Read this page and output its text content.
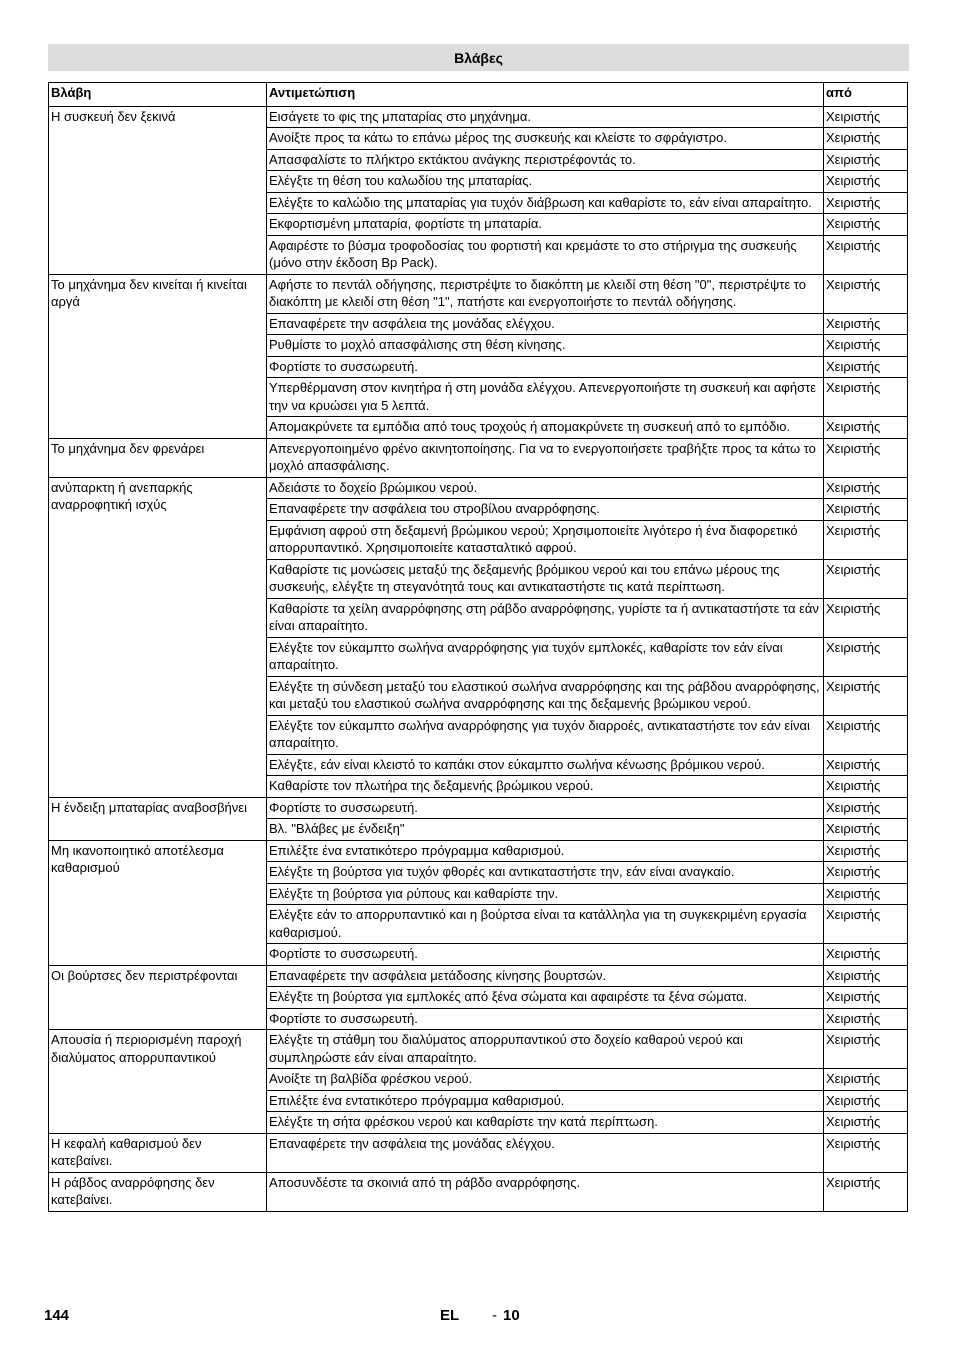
Βλάβες
Βλάβη	Αντιμετώπιση	από

Η συσκευή δεν ξεκινά	Εισάγετε το φις της μπαταρίας στο μηχάνημα.	Χειριστής
	Ανοίξτε προς τα κάτω το επάνω μέρος της συσκευής και κλείστε το σφράγιστρο.	Χειριστής
	Απασφαλίστε το πλήκτρο εκτάκτου ανάγκης περιστρέφοντάς το.	Χειριστής
	Ελέγξτε τη θέση του καλωδίου της μπαταρίας.	Χειριστής
	Ελέγξτε το καλώδιο της μπαταρίας για τυχόν διάβρωση και καθαρίστε το, εάν είναι απαραίτητο.	Χειριστής
	Εκφορτισμένη μπαταρία, φορτίστε τη μπαταρία.	Χειριστής
	Αφαιρέστε το βύσμα τροφοδοσίας του φορτιστή και κρεμάστε το στο στήριγμα της συσκευής (μόνο στην έκδοση Bp Pack).	Χειριστής
Το μηχάνημα δεν κινείται ή κινείται αργά	Αφήστε το πεντάλ οδήγησης, περιστρέψτε το διακόπτη με κλειδί στη θέση "0", περιστρέψτε το διακόπτη με κλειδί στη θέση "1", πατήστε και ενεργοποιήστε το πεντάλ οδήγησης.	Χειριστής
	Επαναφέρετε την ασφάλεια της μονάδας ελέγχου.	Χειριστής
	Ρυθμίστε το μοχλό απασφάλισης στη θέση κίνησης.	Χειριστής
	Φορτίστε το συσσωρευτή.	Χειριστής
	Υπερθέρμανση στον κινητήρα ή στη μονάδα ελέγχου. Απενεργοποιήστε τη συσκευή και αφήστε την να κρυώσει για 5 λεπτά.	Χειριστής
	Απομακρύνετε τα εμπόδια από τους τροχούς ή απομακρύνετε τη συσκευή από το εμπόδιο.	Χειριστής
Το μηχάνημα δεν φρενάρει	Απενεργοποιημένο φρένο ακινητοποίησης. Για να το ενεργοποιήσετε τραβήξτε προς τα κάτω το μοχλό απασφάλισης.	Χειριστής
ανύπαρκτη ή ανεπαρκής αναρροφητική ισχύς	Αδειάστε το δοχείο βρώμικου νερού.	Χειριστής
	Επαναφέρετε την ασφάλεια του στροβίλου αναρρόφησης.	Χειριστής
	Εμφάνιση αφρού στη δεξαμενή βρώμικου νερού; Χρησιμοποιείτε λιγότερο ή ένα διαφορετικό απορρυπαντικό. Χρησιμοποιείτε κατασταλτικό αφρού.	Χειριστής
	Καθαρίστε τις μονώσεις μεταξύ της δεξαμενής βρόμικου νερού και του επάνω μέρους της συσκευής, ελέγξτε τη στεγανότητά τους και αντικαταστήστε τις κατά περίπτωση.	Χειριστής
	Καθαρίστε τα χείλη αναρρόφησης στη ράβδο αναρρόφησης, γυρίστε τα ή αντικαταστήστε τα εάν είναι απαραίτητο.	Χειριστής
	Ελέγξτε τον εύκαμπτο σωλήνα αναρρόφησης για τυχόν εμπλοκές, καθαρίστε τον εάν είναι απαραίτητο.	Χειριστής
	Ελέγξτε τη σύνδεση μεταξύ του ελαστικού σωλήνα αναρρόφησης και της ράβδου αναρρόφησης, και μεταξύ του ελαστικού σωλήνα αναρρόφησης και της δεξαμενής βρώμικου νερού.	Χειριστής
	Ελέγξτε τον εύκαμπτο σωλήνα αναρρόφησης για τυχόν διαρροές, αντικαταστήστε τον εάν είναι απαραίτητο.	Χειριστής
	Ελέγξτε, εάν είναι κλειστό το καπάκι στον εύκαμπτο σωλήνα κένωσης βρόμικου νερού.	Χειριστής
	Καθαρίστε τον πλωτήρα της δεξαμενής βρώμικου νερού.	Χειριστής
Η ένδειξη μπαταρίας αναβοσβήνει	Φορτίστε το συσσωρευτή.	Χειριστής
	Βλ. "Βλάβες με ένδειξη"	Χειριστής
Μη ικανοποιητικό αποτέλεσμα καθαρισμού	Επιλέξτε ένα εντατικότερο πρόγραμμα καθαρισμού.	Χειριστής
	Ελέγξτε τη βούρτσα για τυχόν φθορές και αντικαταστήστε την, εάν είναι αναγκαίο.	Χειριστής
	Ελέγξτε τη βούρτσα για ρύπους και καθαρίστε την.	Χειριστής
	Ελέγξτε εάν το απορρυπαντικό και η βούρτσα είναι τα κατάλληλα για τη συγκεκριμένη εργασία καθαρισμού.	Χειριστής
	Φορτίστε το συσσωρευτή.	Χειριστής
Οι βούρτσες δεν περιστρέφονται	Επαναφέρετε την ασφάλεια μετάδοσης κίνησης βουρτσών.	Χειριστής
	Ελέγξτε τη βούρτσα για εμπλοκές από ξένα σώματα και αφαιρέστε τα ξένα σώματα.	Χειριστής
	Φορτίστε το συσσωρευτή.	Χειριστής
Απουσία ή περιορισμένη παροχή διαλύματος απορρυπαντικού	Ελέγξτε τη στάθμη του διαλύματος απορρυπαντικού στο δοχείο καθαρού νερού και συμπληρώστε εάν είναι απαραίτητο.	Χειριστής
	Ανοίξτε τη βαλβίδα φρέσκου νερού.	Χειριστής
	Επιλέξτε ένα εντατικότερο πρόγραμμα καθαρισμού.	Χειριστής
	Ελέγξτε τη σήτα φρέσκου νερού και καθαρίστε την κατά περίπτωση.	Χειριστής
Η κεφαλή καθαρισμού δεν κατεβαίνει.	Επαναφέρετε την ασφάλεια της μονάδας ελέγχου.	Χειριστής
Η ράβδος αναρρόφησης δεν κατεβαίνει.	Αποσυνδέστε τα σκοινιά από τη ράβδο αναρρόφησης.	Χειριστής
144	EL - 10
